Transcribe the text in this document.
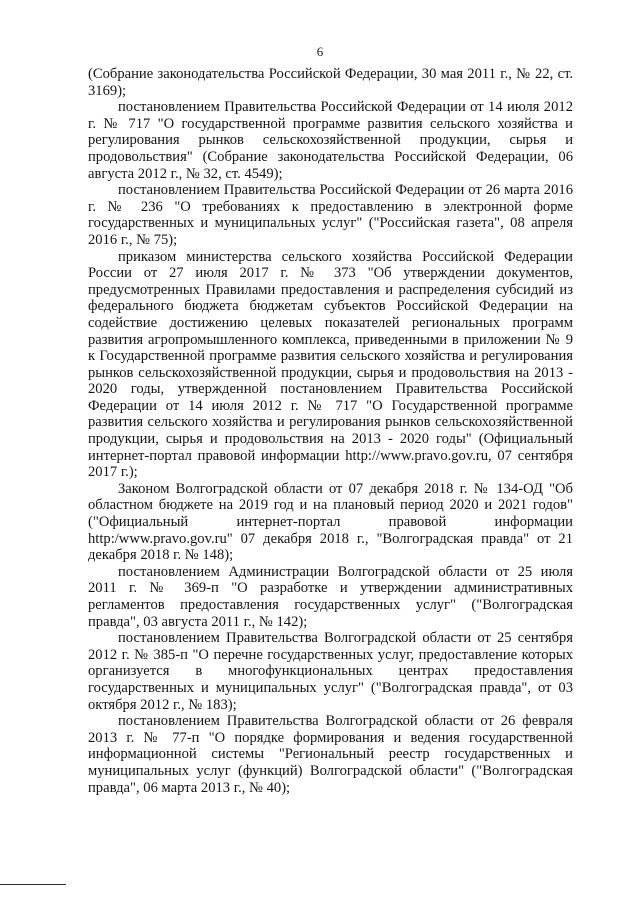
6

(Собрание законодательства Российской Федерации, 30 мая 2011 г., № 22, ст. 3169);

постановлением Правительства Российской Федерации от 14 июля 2012 г. № 717 "О государственной программе развития сельского хозяйства и регулирования рынков сельскохозяйственной продукции, сырья и продовольствия" (Собрание законодательства Российской Федерации, 06 августа 2012 г., № 32, ст. 4549);

постановлением Правительства Российской Федерации от 26 марта 2016 г. № 236 "О требованиях к предоставлению в электронной форме государственных и муниципальных услуг" ("Российская газета", 08 апреля 2016 г., № 75);

приказом министерства сельского хозяйства Российской Федерации России от 27 июля 2017 г. № 373 "Об утверждении документов, предусмотренных Правилами предоставления и распределения субсидий из федерального бюджета бюджетам субъектов Российской Федерации на содействие достижению целевых показателей региональных программ развития агропромышленного комплекса, приведенными в приложении № 9 к Государственной программе развития сельского хозяйства и регулирования рынков сельскохозяйственной продукции, сырья и продовольствия на 2013 - 2020 годы, утвержденной постановлением Правительства Российской Федерации от 14 июля 2012 г. № 717 "О Государственной программе развития сельского хозяйства и регулирования рынков сельскохозяйственной продукции, сырья и продовольствия на 2013 - 2020 годы" (Официальный интернет-портал правовой информации http://www.pravo.gov.ru, 07 сентября 2017 г.);

Законом Волгоградской области от 07 декабря 2018 г. № 134-ОД "Об областном бюджете на 2019 год и на плановый период 2020 и 2021 годов" ("Официальный интернет-портал правовой информации http:/www.pravo.gov.ru" 07 декабря 2018 г., "Волгоградская правда" от 21 декабря 2018 г. № 148);

постановлением Администрации Волгоградской области от 25 июля 2011 г. № 369-п "О разработке и утверждении административных регламентов предоставления государственных услуг" ("Волгоградская правда", 03 августа 2011 г., № 142);

постановлением Правительства Волгоградской области от 25 сентября 2012 г. № 385-п "О перечне государственных услуг, предоставление которых организуется в многофункциональных центрах предоставления государственных и муниципальных услуг" ("Волгоградская правда", от 03 октября 2012 г., № 183);

постановлением Правительства Волгоградской области от 26 февраля 2013 г. № 77-п "О порядке формирования и ведения государственной информационной системы "Региональный реестр государственных и муниципальных услуг (функций) Волгоградской области" ("Волгоградская правда", 06 марта 2013 г., № 40);
